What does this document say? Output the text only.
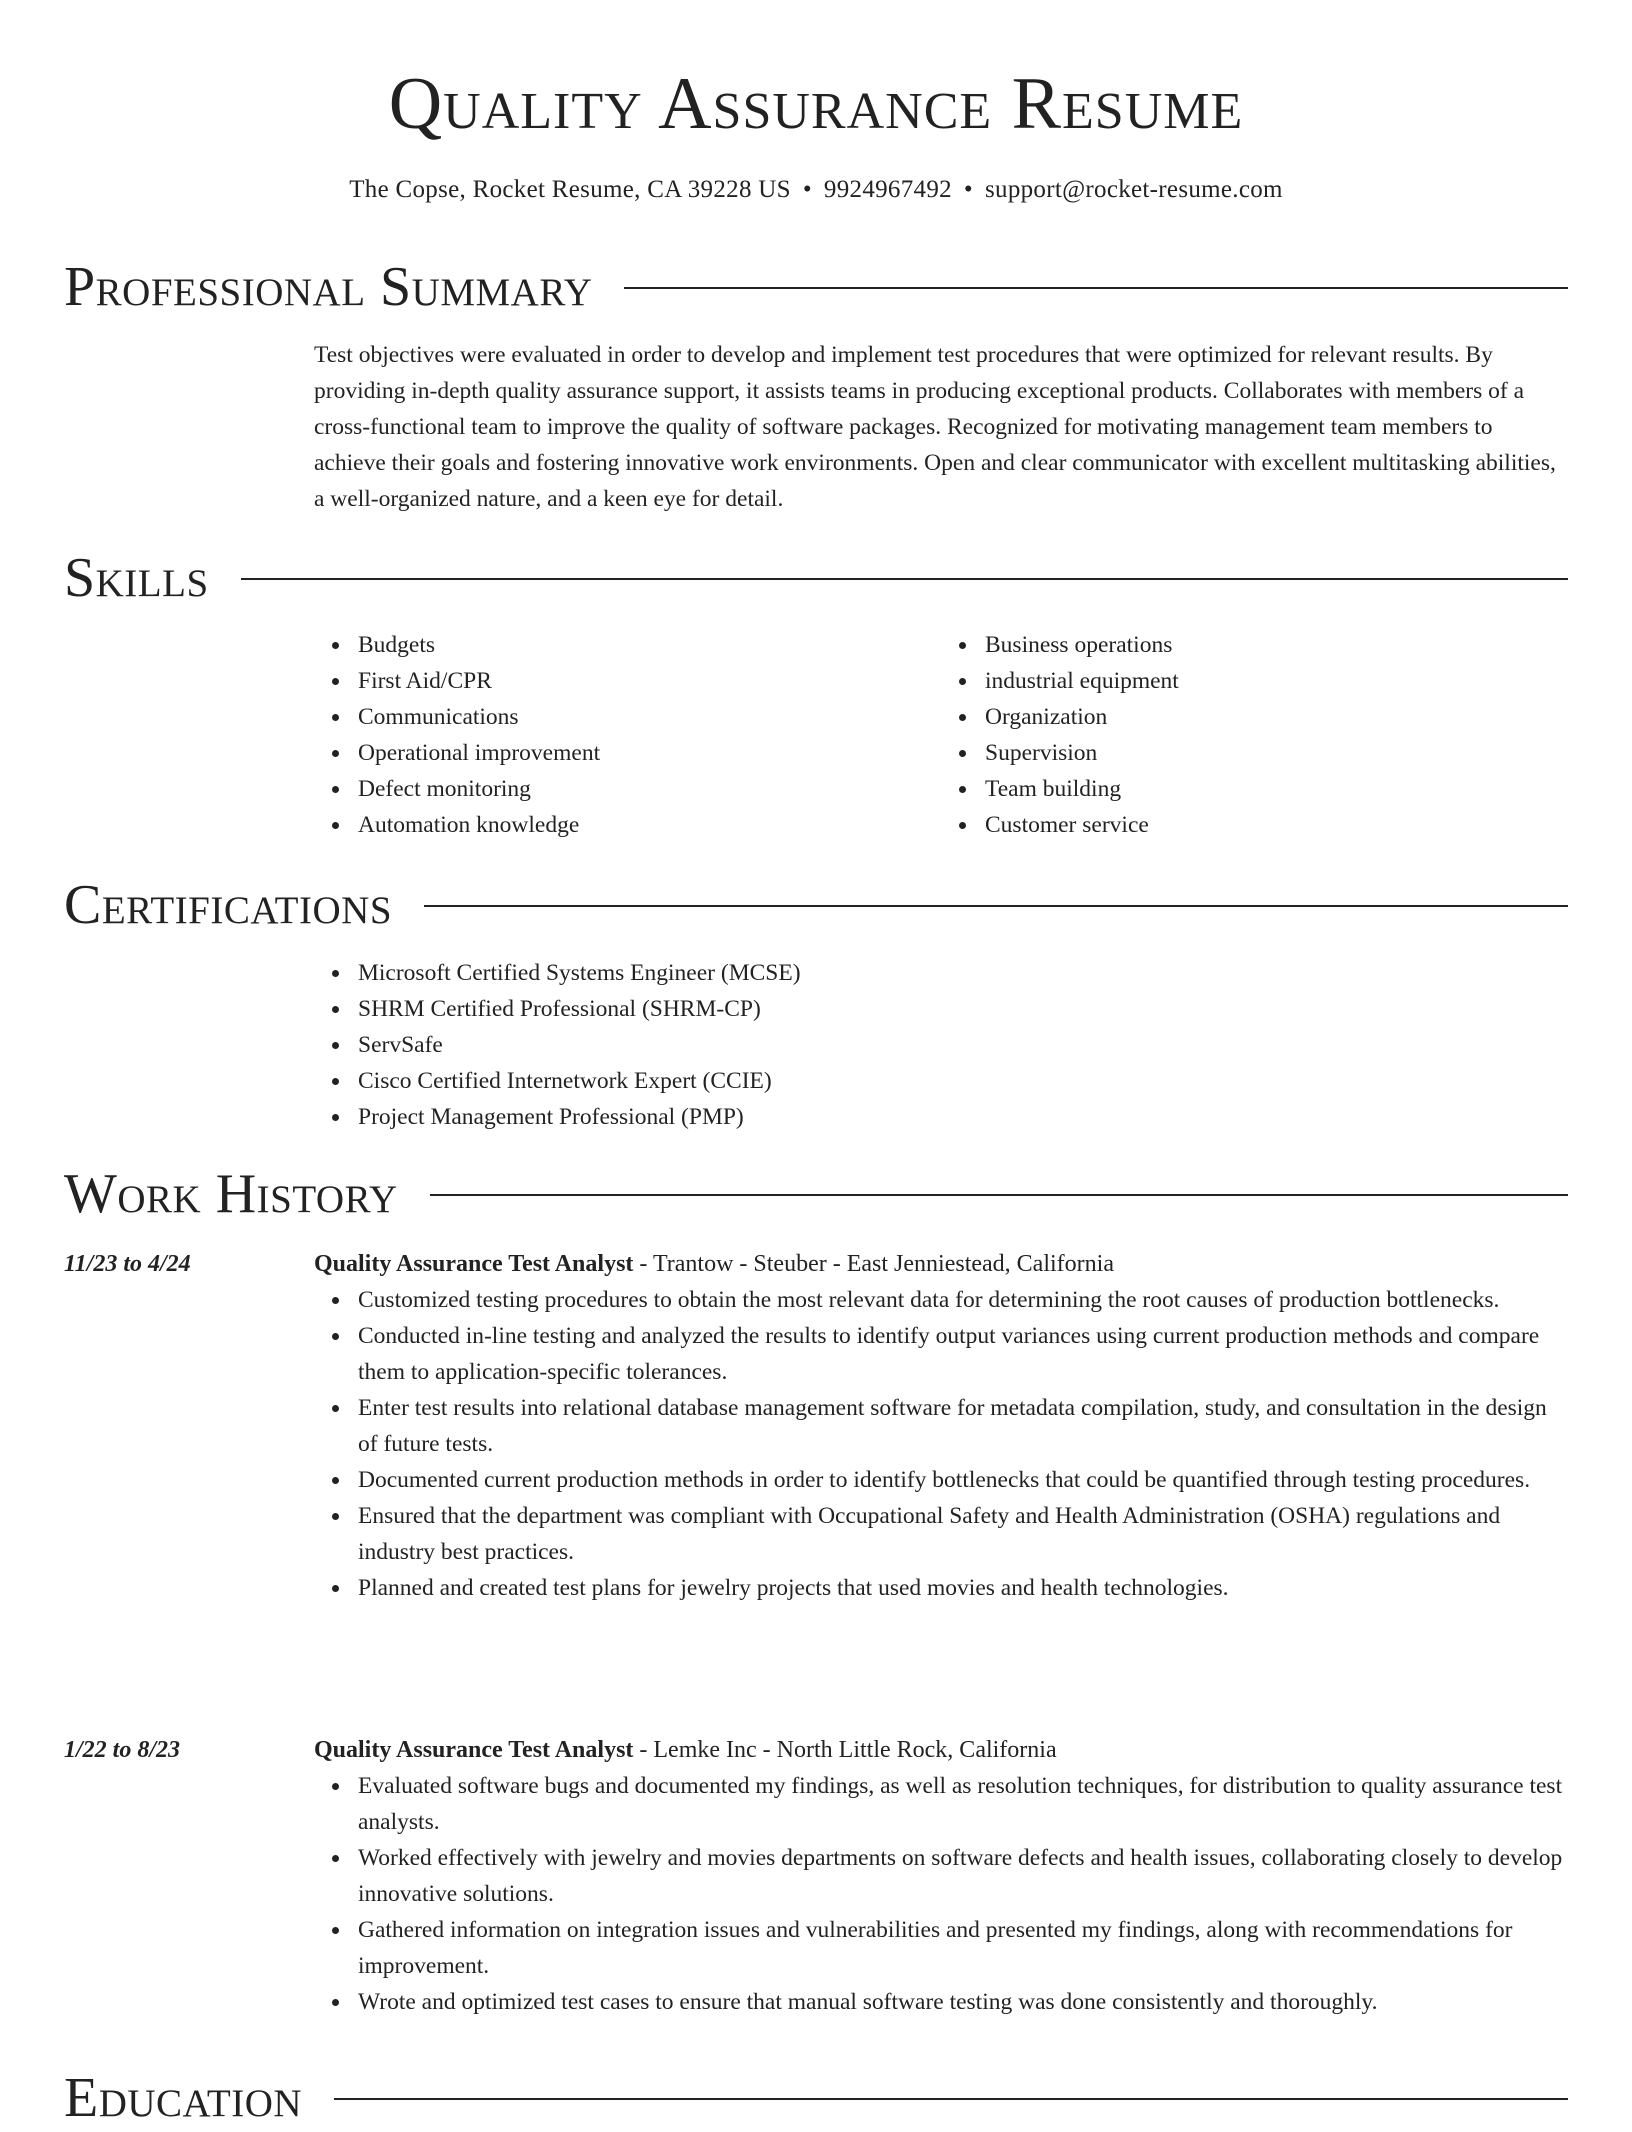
Quality Assurance Resume
The Copse, Rocket Resume, CA 39228 US • 9924967492 • support@rocket-resume.com
Professional Summary

Test objectives were evaluated in order to develop and implement test procedures that were optimized for relevant results. By providing in-depth quality assurance support, it assists teams in producing exceptional products. Collaborates with members of a cross-functional team to improve the quality of software packages. Recognized for motivating management team members to achieve their goals and fostering innovative work environments. Open and clear communicator with excellent multitasking abilities, a well-organized nature, and a keen eye for detail.

Skills
Budgets
First Aid/CPR
Communications
Operational improvement
Defect monitoring
Automation knowledge
Business operations
industrial equipment
Organization
Supervision
Team building
Customer service
Certifications
Microsoft Certified Systems Engineer (MCSE)
SHRM Certified Professional (SHRM-CP)
ServSafe
Cisco Certified Internetwork Expert (CCIE)
Project Management Professional (PMP)
Work History
11/23 to 4/24	Quality Assurance Test Analyst - Trantow - Steuber - East Jenniestead, California

Customized testing procedures to obtain the most relevant data for determining the root causes of production bottlenecks.
Conducted in-line testing and analyzed the results to identify output variances using current production methods and compare them to application-specific tolerances.
Enter test results into relational database management software for metadata compilation, study, and consultation in the design of future tests.
Documented current production methods in order to identify bottlenecks that could be quantified through testing procedures.
Ensured that the department was compliant with Occupational Safety and Health Administration (OSHA) regulations and industry best practices.
Planned and created test plans for jewelry projects that used movies and health technologies.
1/22 to 8/23	Quality Assurance Test Analyst - Lemke Inc - North Little Rock, California

Evaluated software bugs and documented my findings, as well as resolution techniques, for distribution to quality assurance test analysts.
Worked effectively with jewelry and movies departments on software defects and health issues, collaborating closely to develop innovative solutions.
Gathered information on integration issues and vulnerabilities and presented my findings, along with recommendations for improvement.
Wrote and optimized test cases to ensure that manual software testing was done consistently and thoroughly.
Education
